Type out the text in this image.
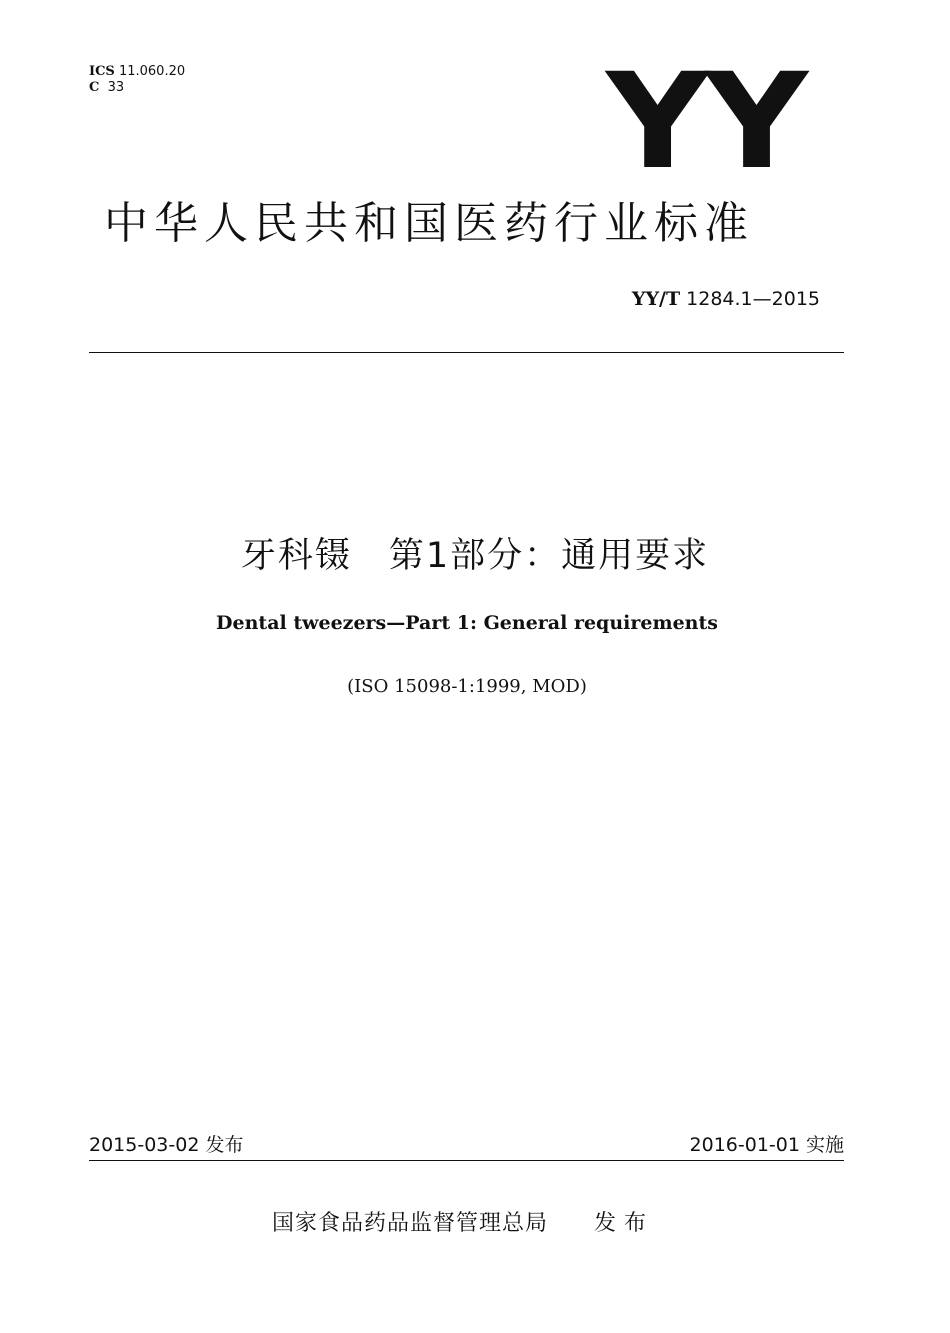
ICS 11.060.20
C 33	YY
中华人民共和国医药行业标准
YY/T 1284.1—2015
牙科镊　第1部分：通用要求
Dental tweezers—Part 1: General requirements
(ISO 15098-1:1999, MOD)
2015-03-02 发布	2016-01-01 实施
国家食品药品监督管理总局 发布
